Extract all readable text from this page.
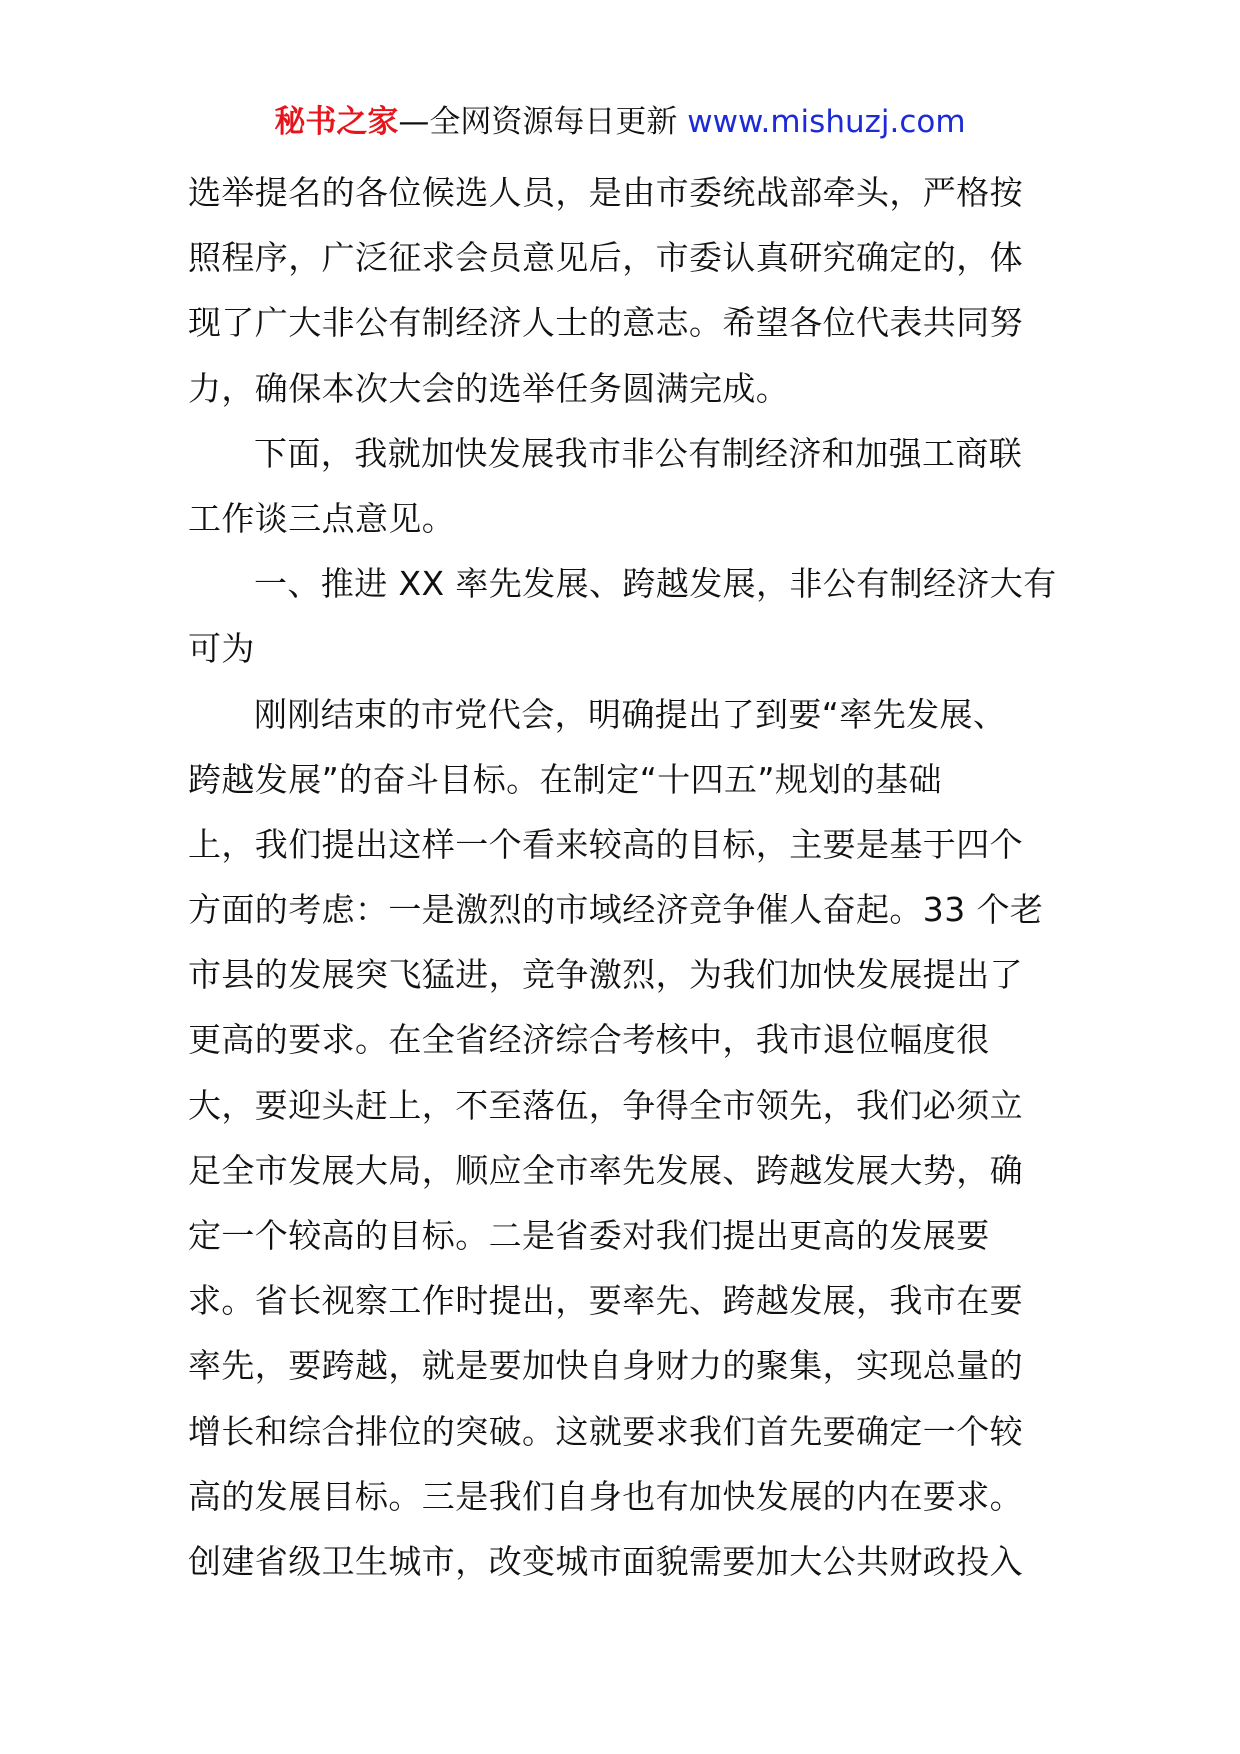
秘书之家—全网资源每日更新 www.mishuzj.com
选举提名的各位候选人员，是由市委统战部牵头，严格按
照程序，广泛征求会员意见后，市委认真研究确定的，体
现了广大非公有制经济人士的意志。希望各位代表共同努
力，确保本次大会的选举任务圆满完成。
下面，我就加快发展我市非公有制经济和加强工商联
工作谈三点意见。
一、推进 XX 率先发展、跨越发展，非公有制经济大有
可为
刚刚结束的市党代会，明确提出了到要“率先发展、
跨越发展”的奋斗目标。在制定“十四五”规划的基础
上，我们提出这样一个看来较高的目标，主要是基于四个
方面的考虑：一是激烈的市域经济竞争催人奋起。33 个老
市县的发展突飞猛进，竞争激烈，为我们加快发展提出了
更高的要求。在全省经济综合考核中，我市退位幅度很
大，要迎头赶上，不至落伍，争得全市领先，我们必须立
足全市发展大局，顺应全市率先发展、跨越发展大势，确
定一个较高的目标。二是省委对我们提出更高的发展要
求。省长视察工作时提出，要率先、跨越发展，我市在要
率先，要跨越，就是要加快自身财力的聚集，实现总量的
增长和综合排位的突破。这就要求我们首先要确定一个较
高的发展目标。三是我们自身也有加快发展的内在要求。
创建省级卫生城市，改变城市面貌需要加大公共财政投入
